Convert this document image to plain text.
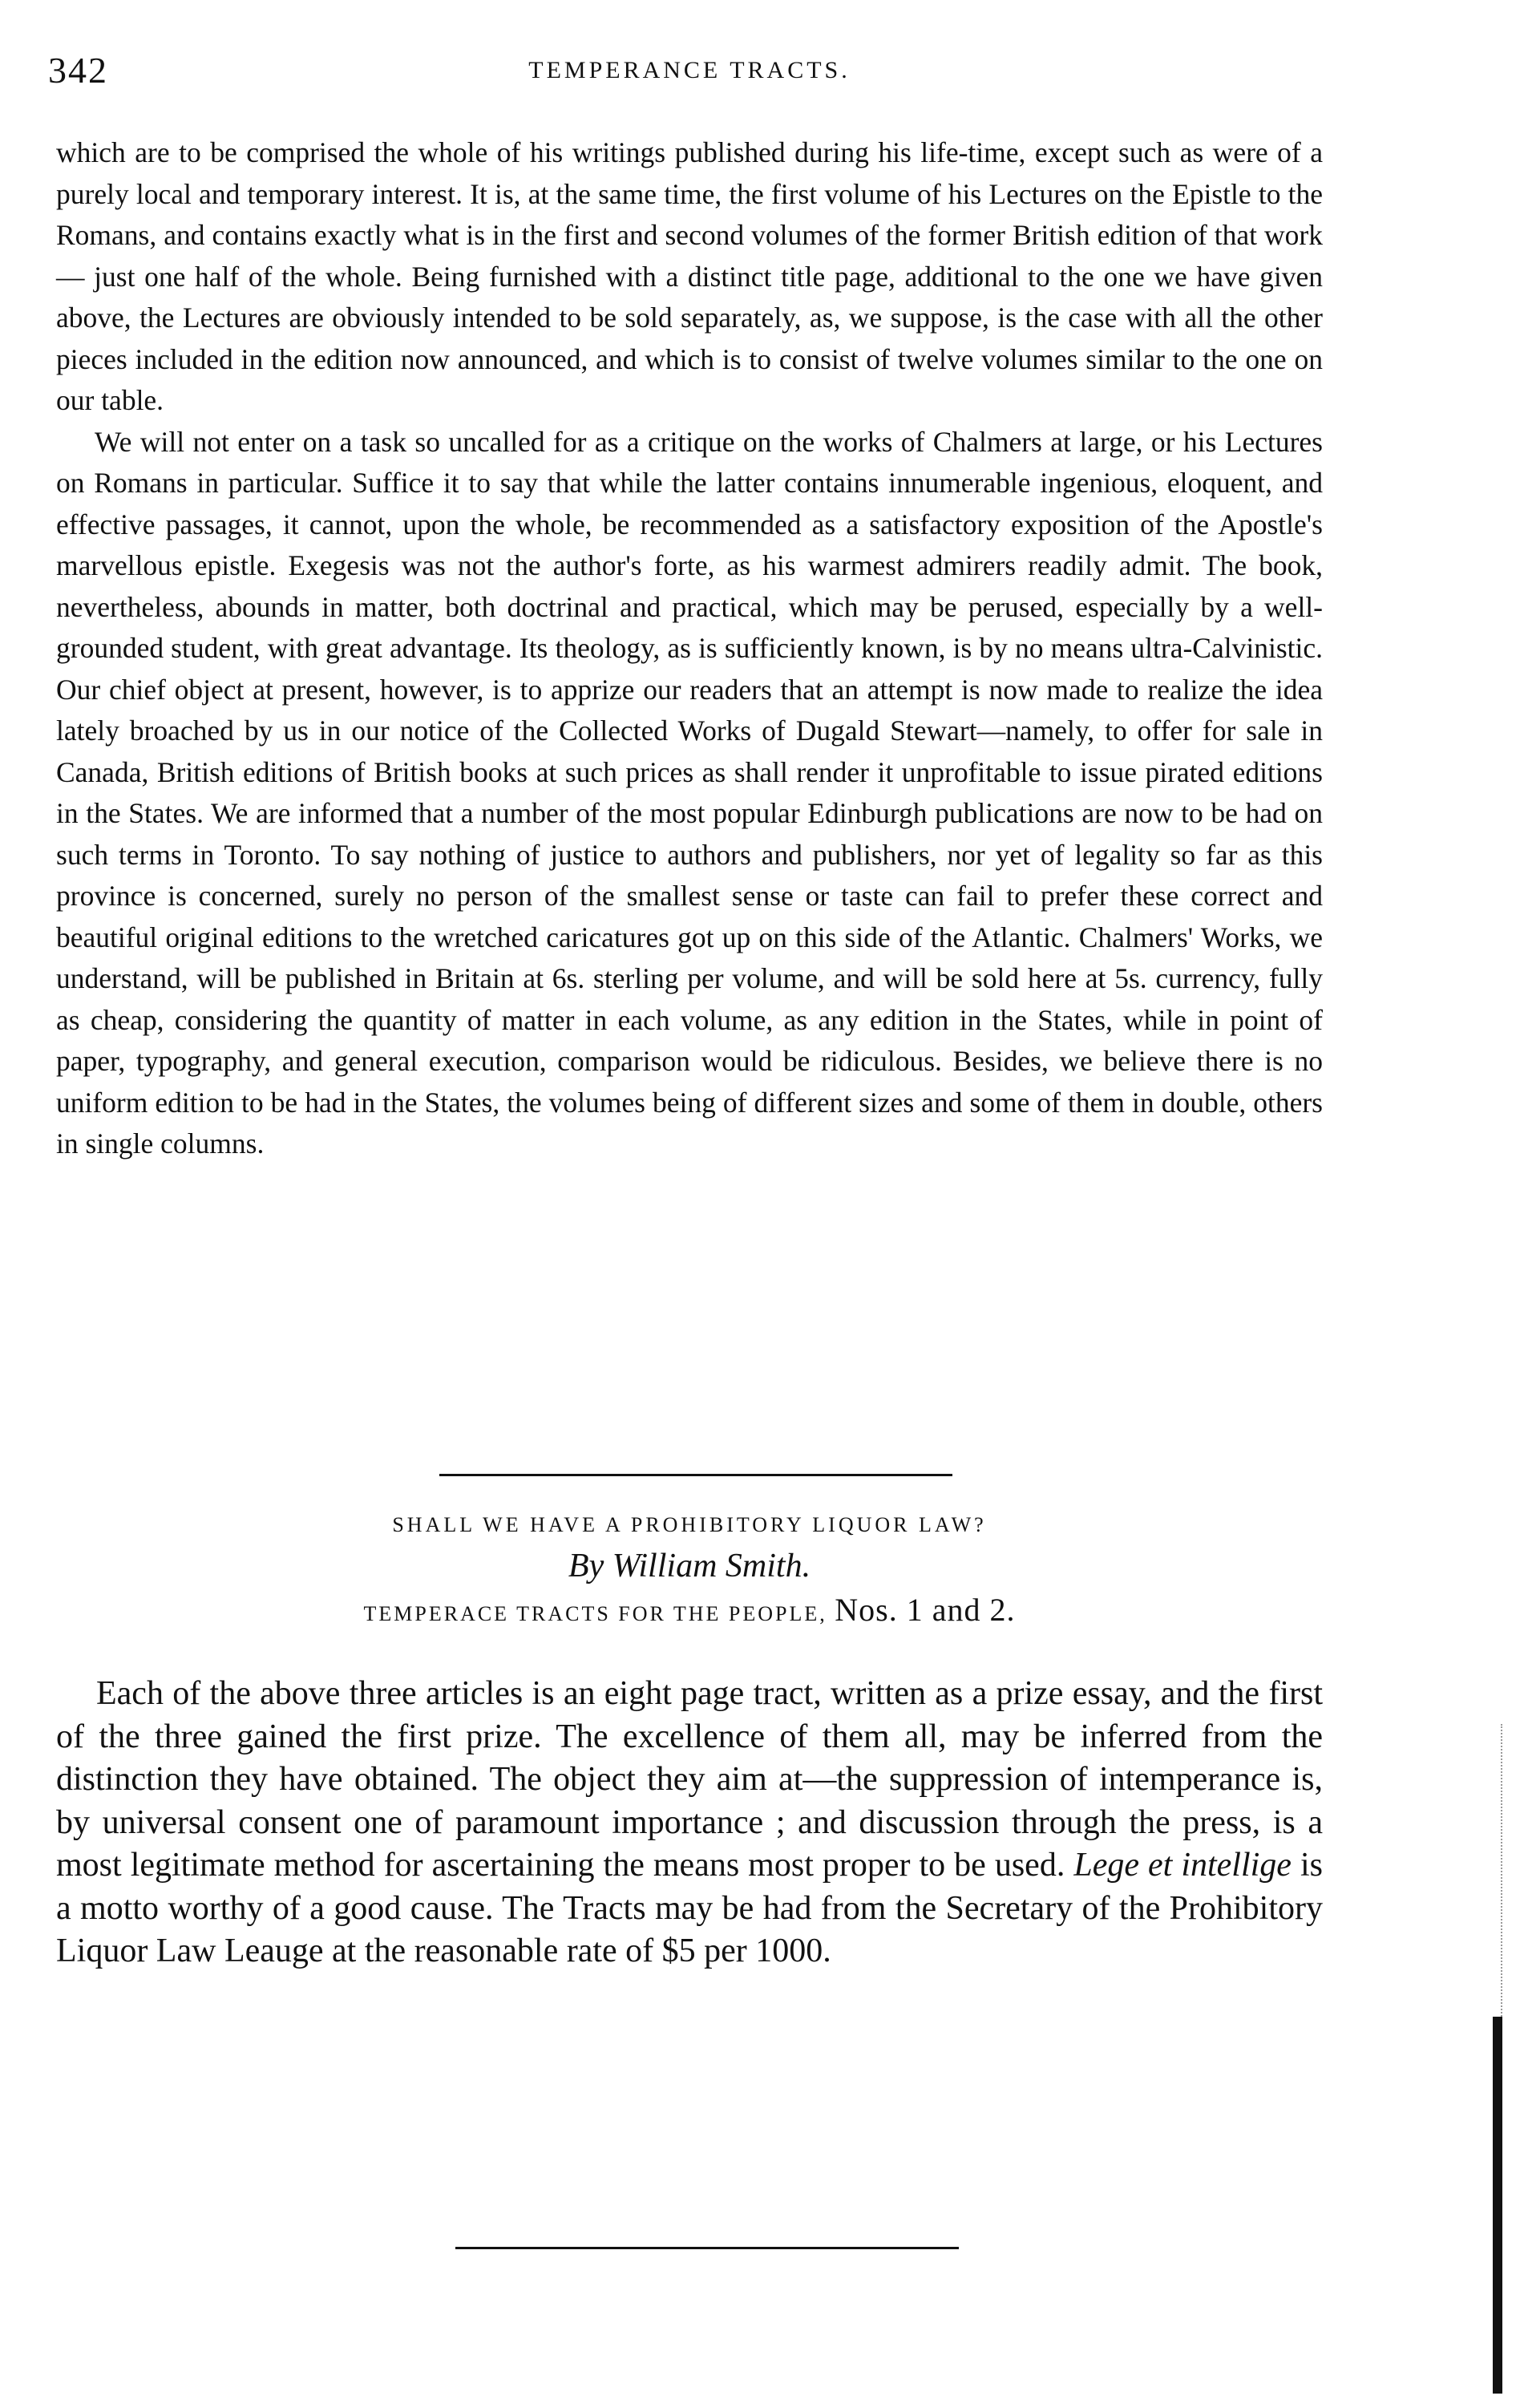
342	TEMPERANCE TRACTS.

which are to be comprised the whole of his writings published during his life-time, except such as were of a purely local and temporary interest. It is, at the same time, the first volume of his Lectures on the Epistle to the Romans, and contains exactly what is in the first and second volumes of the former British edition of that work— just one half of the whole. Being furnished with a distinct title page, additional to the one we have given above, the Lectures are obviously intended to be sold separately, as, we suppose, is the case with all the other pieces included in the edition now announced, and which is to consist of twelve volumes similar to the one on our table.

We will not enter on a task so uncalled for as a critique on the works of Chalmers at large, or his Lectures on Romans in particular. Suffice it to say that while the latter contains innumerable ingenious, eloquent, and effective passages, it cannot, upon the whole, be recommended as a satisfactory exposition of the Apostle's marvellous epistle. Exegesis was not the author's forte, as his warmest admirers readily admit. The book, nevertheless, abounds in matter, both doctrinal and practical, which may be perused, especially by a well-grounded student, with great advantage. Its theology, as is sufficiently known, is by no means ultra-Calvinistic. Our chief object at present, however, is to apprize our readers that an attempt is now made to realize the idea lately broached by us in our notice of the Collected Works of Dugald Stewart—namely, to offer for sale in Canada, British editions of British books at such prices as shall render it unprofitable to issue pirated editions in the States. We are informed that a number of the most popular Edinburgh publications are now to be had on such terms in Toronto. To say nothing of justice to authors and publishers, nor yet of legality so far as this province is concerned, surely no person of the smallest sense or taste can fail to prefer these correct and beautiful original editions to the wretched caricatures got up on this side of the Atlantic. Chalmers' Works, we understand, will be published in Britain at 6s. sterling per volume, and will be sold here at 5s. currency, fully as cheap, considering the quantity of matter in each volume, as any edition in the States, while in point of paper, typography, and general execution, comparison would be ridiculous. Besides, we believe there is no uniform edition to be had in the States, the volumes being of different sizes and some of them in double, others in single columns.

SHALL WE HAVE A PROHIBITORY LIQUOR LAW?
By William Smith.
TEMPERACE TRACTS FOR THE PEOPLE, Nos. 1 and 2.

Each of the above three articles is an eight page tract, written as a prize essay, and the first of the three gained the first prize. The excellence of them all, may be inferred from the distinction they have obtained. The object they aim at—the suppression of intemperance is, by universal consent one of paramount importance ; and discussion through the press, is a most legitimate method for ascertaining the means most proper to be used. Lege et intellige is a motto worthy of a good cause. The Tracts may be had from the Secretary of the Prohibitory Liquor Law Leauge at the reasonable rate of $5 per 1000.
